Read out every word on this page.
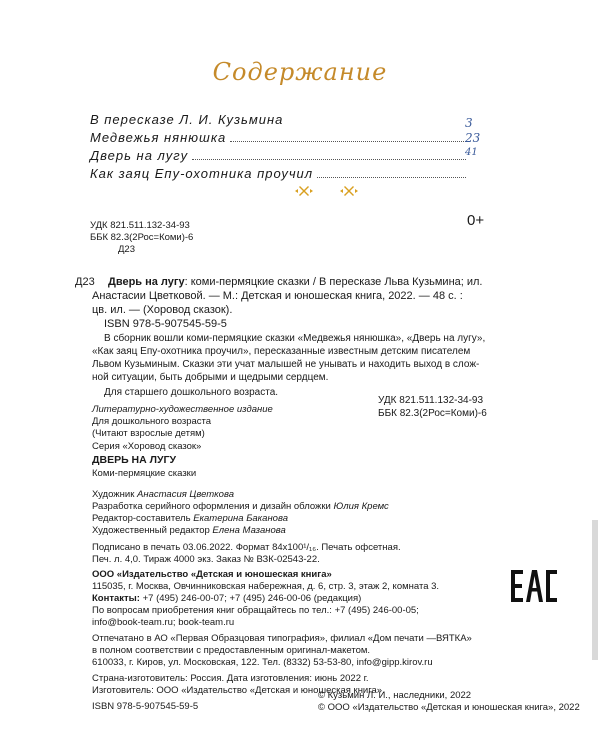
Содержание
В пересказе Л. И. Кузьмина
Медвежья нянюшка
3
Дверь на лугу
23
Как заяц Епу-охотника проучил
41
УДК 821.511.132-34-93
ББК 82.3(2Рос=Коми)-6
Д23
0+
Д23 Дверь на лугу: коми-пермяцкие сказки / В пересказе Льва Кузьмина; ил.
Анастасии Цветковой. — М.: Детская и юношеская книга, 2022. — 48 с. :
цв. ил. — (Хоровод сказок).
ISBN 978-5-907545-59-5
В сборник вошли коми-пермяцкие сказки «Медвежья нянюшка», «Дверь на лугу»,
«Как заяц Епу-охотника проучил», пересказанные известным детским писателем
Львом Кузьминым. Сказки эти учат малышей не унывать и находить выход в слож-
ной ситуации, быть добрыми и щедрыми сердцем.
Для старшего дошкольного возраста.
УДК 821.511.132-34-93
ББК 82.3(2Рос=Коми)-6
Литературно-художественное издание
Для дошкольного возраста
(Читают взрослые детям)
Серия «Хоровод сказок»
ДВЕРЬ НА ЛУГУ
Коми-пермяцкие сказки
Художник Анастасия Цветкова
Разработка серийного оформления и дизайн обложки Юлия Кремс
Редактор-составитель Екатерина Баканова
Художественный редактор Елена Мазанова
Подписано в печать 03.06.2022. Формат 84x100¹/₁₆. Печать офсетная.
Печ. л. 4,0. Тираж 4000 экз. Заказ № ВЗК-02543-22.
ООО «Издательство «Детская и юношеская книга»
115035, г. Москва, Овчинниковская набережная, д. 6, стр. 3, этаж 2, комната 3.
Контакты: +7 (495) 246-00-07; +7 (495) 246-00-06 (редакция)
По вопросам приобретения книг обращайтесь по тел.: +7 (495) 246-00-05;
info@book-team.ru; book-team.ru
Отпечатано в АО «Первая Образцовая типография», филиал «Дом печати —ВЯТКА»
в полном соответствии с предоставленным оригинал-макетом.
610033, г. Киров, ул. Московская, 122. Тел. (8332) 53-53-80, info@gipp.kirov.ru
Страна-изготовитель: Россия. Дата изготовления: июнь 2022 г.
Изготовитель: ООО «Издательство «Детская и юношеская книга».
ISBN 978-5-907545-59-5
© Кузьмин Л. И., наследники, 2022
© ООО «Издательство «Детская и юношеская книга», 2022
